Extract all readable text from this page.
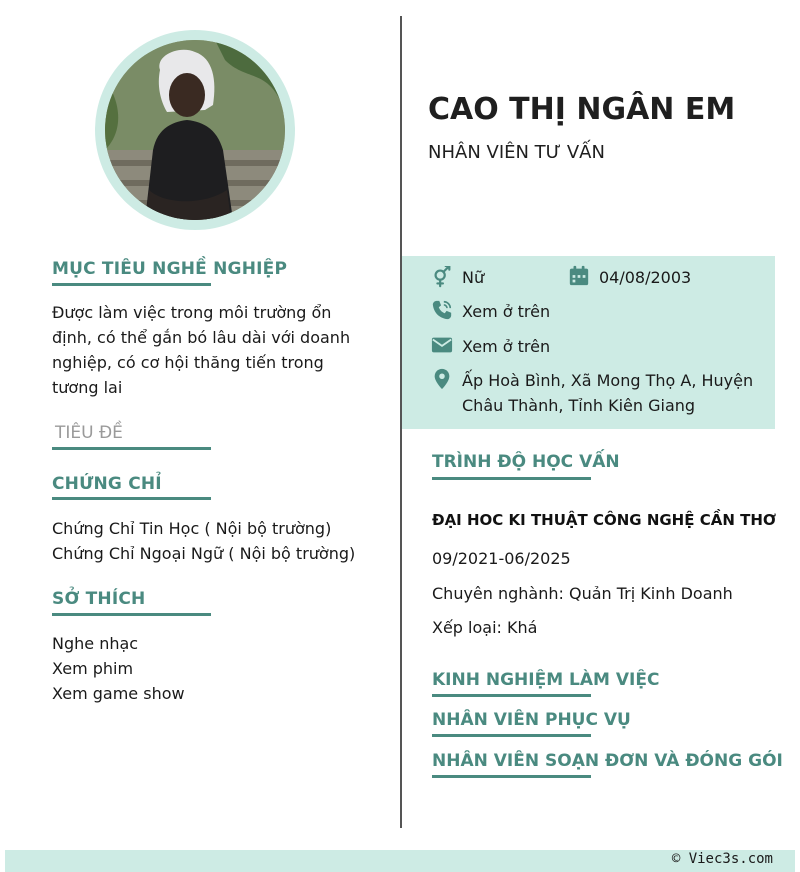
MỤC TIÊU NGHỀ NGHIỆP
Được làm việc trong môi trường ổn
định, có thể gắn bó lâu dài với doanh
nghiệp, có cơ hội thăng tiến trong
tương lai
TIÊU ĐỀ
CHỨNG CHỈ
Chứng Chỉ Tin Học ( Nội bộ trường)
Chứng Chỉ Ngoại Ngữ ( Nội bộ trường)
SỞ THÍCH
Nghe nhạc
Xem phim
Xem game show
CAO THỊ NGÂN EM
NHÂN VIÊN TƯ VẤN
Nữ	04/08/2003
Xem ở trên
Xem ở trên
Ấp Hoà Bình, Xã Mong Thọ A, Huyện
Châu Thành, Tỉnh Kiên Giang
TRÌNH ĐỘ HỌC VẤN
ĐẠI HOC KI THUẬT CÔNG NGHỆ CẦN THƠ
09/2021-06/2025
Chuyên nghành: Quản Trị Kinh Doanh
Xếp loại: Khá
KINH NGHIỆM LÀM VIỆC
NHÂN VIÊN PHỤC VỤ
NHÂN VIÊN SOẠN ĐƠN VÀ ĐÓNG GÓI
© Viec3s.com
